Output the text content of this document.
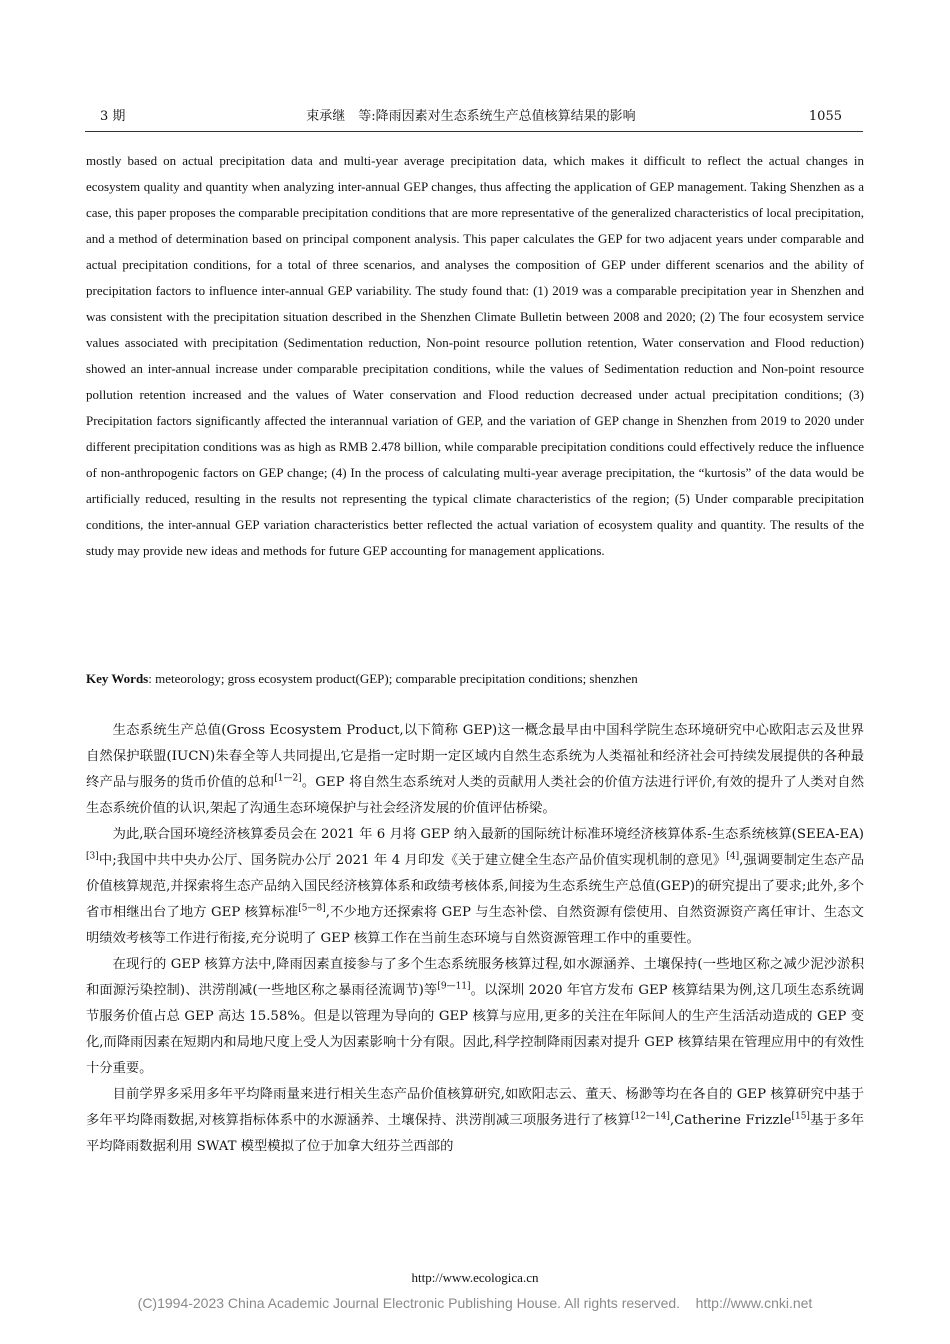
3 期	束承继　等:降雨因素对生态系统生产总值核算结果的影响	1055

mostly based on actual precipitation data and multi-year average precipitation data, which makes it difficult to reflect the actual changes in ecosystem quality and quantity when analyzing inter-annual GEP changes, thus affecting the application of GEP management. Taking Shenzhen as a case, this paper proposes the comparable precipitation conditions that are more representative of the generalized characteristics of local precipitation, and a method of determination based on principal component analysis. This paper calculates the GEP for two adjacent years under comparable and actual precipitation conditions, for a total of three scenarios, and analyses the composition of GEP under different scenarios and the ability of precipitation factors to influence inter-annual GEP variability. The study found that: (1) 2019 was a comparable precipitation year in Shenzhen and was consistent with the precipitation situation described in the Shenzhen Climate Bulletin between 2008 and 2020; (2) The four ecosystem service values associated with precipitation (Sedimentation reduction, Non-point resource pollution retention, Water conservation and Flood reduction) showed an inter-annual increase under comparable precipitation conditions, while the values of Sedimentation reduction and Non-point resource pollution retention increased and the values of Water conservation and Flood reduction decreased under actual precipitation conditions; (3) Precipitation factors significantly affected the interannual variation of GEP, and the variation of GEP change in Shenzhen from 2019 to 2020 under different precipitation conditions was as high as RMB 2.478 billion, while comparable precipitation conditions could effectively reduce the influence of non-anthropogenic factors on GEP change; (4) In the process of calculating multi-year average precipitation, the “kurtosis” of the data would be artificially reduced, resulting in the results not representing the typical climate characteristics of the region; (5) Under comparable precipitation conditions, the inter-annual GEP variation characteristics better reflected the actual variation of ecosystem quality and quantity. The results of the study may provide new ideas and methods for future GEP accounting for management applications.

Key Words: meteorology; gross ecosystem product(GEP); comparable precipitation conditions; shenzhen

生态系统生产总值(Gross Ecosystem Product,以下简称 GEP)这一概念最早由中国科学院生态环境研究中心欧阳志云及世界自然保护联盟(IUCN)朱春全等人共同提出,它是指一定时期一定区域内自然生态系统为人类福祉和经济社会可持续发展提供的各种最终产品与服务的货币价值的总和[1—2]。GEP 将自然生态系统对人类的贡献用人类社会的价值方法进行评价,有效的提升了人类对自然生态系统价值的认识,架起了沟通生态环境保护与社会经济发展的价值评估桥梁。

为此,联合国环境经济核算委员会在 2021 年 6 月将 GEP 纳入最新的国际统计标准环境经济核算体系-生态系统核算(SEEA-EA)[3]中;我国中共中央办公厅、国务院办公厅 2021 年 4 月印发《关于建立健全生态产品价值实现机制的意见》[4],强调要制定生态产品价值核算规范,并探索将生态产品纳入国民经济核算体系和政绩考核体系,间接为生态系统生产总值(GEP)的研究提出了要求;此外,多个省市相继出台了地方 GEP 核算标准[5—8],不少地方还探索将 GEP 与生态补偿、自然资源有偿使用、自然资源资产离任审计、生态文明绩效考核等工作进行衔接,充分说明了 GEP 核算工作在当前生态环境与自然资源管理工作中的重要性。

在现行的 GEP 核算方法中,降雨因素直接参与了多个生态系统服务核算过程,如水源涵养、土壤保持(一些地区称之减少泥沙淤积和面源污染控制)、洪涝削减(一些地区称之暴雨径流调节)等[9—11]。以深圳 2020 年官方发布 GEP 核算结果为例,这几项生态系统调节服务价值占总 GEP 高达 15.58%。但是以管理为导向的 GEP 核算与应用,更多的关注在年际间人的生产生活活动造成的 GEP 变化,而降雨因素在短期内和局地尺度上受人为因素影响十分有限。因此,科学控制降雨因素对提升 GEP 核算结果在管理应用中的有效性十分重要。

目前学界多采用多年平均降雨量来进行相关生态产品价值核算研究,如欧阳志云、董天、杨渺等均在各自的 GEP 核算研究中基于多年平均降雨数据,对核算指标体系中的水源涵养、土壤保持、洪涝削减三项服务进行了核算[12—14],Catherine Frizzle[15]基于多年平均降雨数据利用 SWAT 模型模拟了位于加拿大纽芬兰西部的

http://www.ecologica.cn
(C)1994-2023 China Academic Journal Electronic Publishing House. All rights reserved.    http://www.cnki.net
